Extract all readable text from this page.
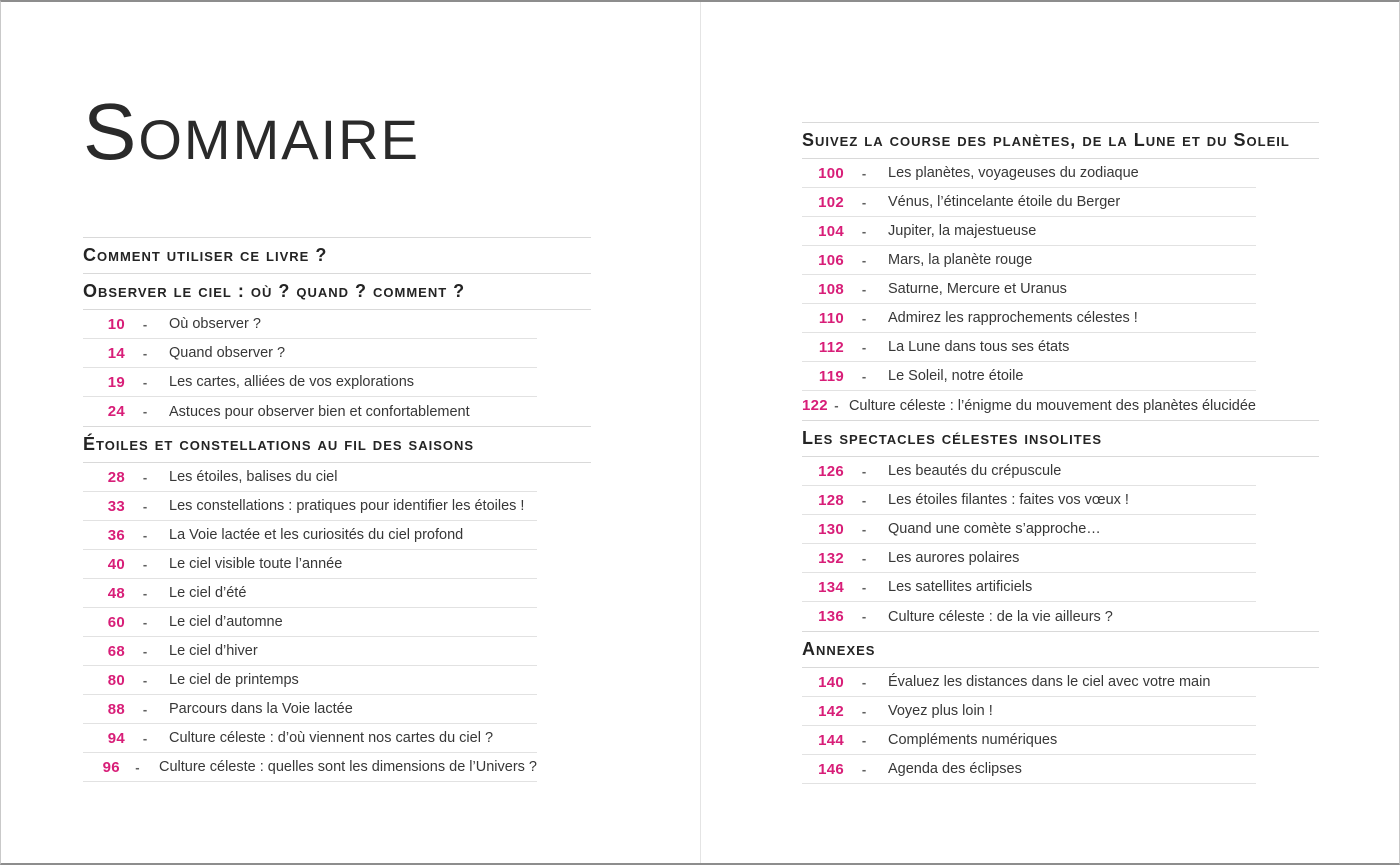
Sommaire
Comment utiliser ce livre ?
Observer le ciel : où ? quand ? comment ?
10	-	Où observer ?
14	-	Quand observer ?
19	-	Les cartes, alliées de vos explorations
24	-	Astuces pour observer bien et confortablement
Étoiles et constellations au fil des saisons
28	-	Les étoiles, balises du ciel
33	-	Les constellations : pratiques pour identifier les étoiles !
36	-	La Voie lactée et les curiosités du ciel profond
40	-	Le ciel visible toute l’année
48	-	Le ciel d’été
60	-	Le ciel d’automne
68	-	Le ciel d’hiver
80	-	Le ciel de printemps
88	-	Parcours dans la Voie lactée
94	-	Culture céleste : d’où viennent nos cartes du ciel ?
96	-	Culture céleste : quelles sont les dimensions de l’Univers ?
Suivez la course des planètes, de la Lune et du Soleil
100	-	Les planètes, voyageuses du zodiaque
102	-	Vénus, l’étincelante étoile du Berger
104	-	Jupiter, la majestueuse
106	-	Mars, la planète rouge
108	-	Saturne, Mercure et Uranus
110	-	Admirez les rapprochements célestes !
112	-	La Lune dans tous ses états
119	-	Le Soleil, notre étoile
122 - Culture céleste : l’énigme du mouvement des planètes élucidée
Les spectacles célestes insolites
126	-	Les beautés du crépuscule
128	-	Les étoiles filantes : faites vos vœux !
130	-	Quand une comète s’approche…
132	-	Les aurores polaires
134	-	Les satellites artificiels
136	-	Culture céleste : de la vie ailleurs ?
Annexes
140	-	Évaluez les distances dans le ciel avec votre main
142	-	Voyez plus loin !
144	-	Compléments numériques
146	-	Agenda des éclipses
